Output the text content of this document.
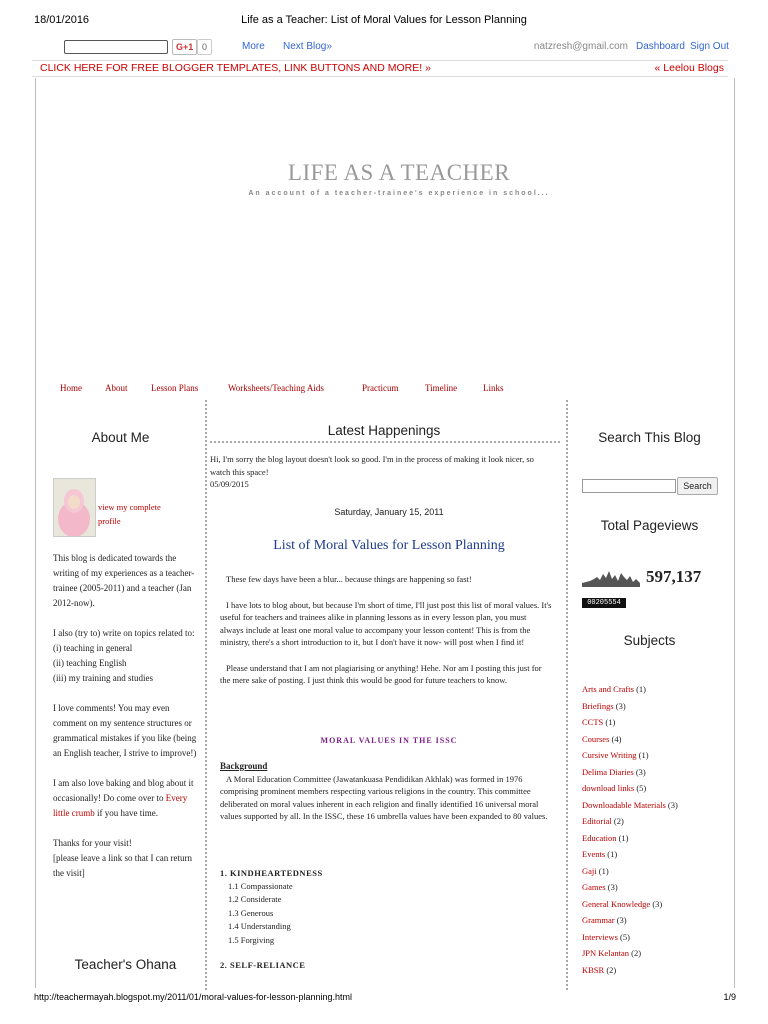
18/01/2016	Life as a Teacher: List of Moral Values for Lesson Planning
G+1 0	More Next Blog»	natzresh@gmail.com Dashboard Sign Out
CLICK HERE FOR FREE BLOGGER TEMPLATES, LINK BUTTONS AND MORE! »	« Leelou Blogs
LIFE AS A TEACHER
An account of a teacher-trainee's experience in school...
Home	About	Lesson Plans	Worksheets/Teaching Aids	Practicum	Timeline	Links
About Me
view my complete profile

This blog is dedicated towards the writing of my experiences as a teacher-trainee (2005-2011) and a teacher (Jan 2012-now).

I also (try to) write on topics related to:
(i) teaching in general
(ii) teaching English
(iii) my training and studies

I love comments! You may even comment on my sentence structures or grammatical mistakes if you like (being an English teacher, I strive to improve!)

I am also love baking and blog about it occasionally! Do come over to Every little crumb if you have time.

Thanks for your visit!
[please leave a link so that I can return the visit]

Teacher's Ohana
Latest Happenings
Hi, I'm sorry the blog layout doesn't look so good. I'm in the process of making it look nicer, so watch this space!
05/09/2015
Saturday, January 15, 2011
List of Moral Values for Lesson Planning
These few days have been a blur... because things are happening so fast!
I have lots to blog about, but because I'm short of time, I'll just post this list of moral values. It's useful for teachers and trainees alike in planning lessons as in every lesson plan, you must always include at least one moral value to accompany your lesson content! This is from the ministry, there's a short introduction to it, but I don't have it now- will post when I find it!
Please understand that I am not plagiarising or anything! Hehe. Nor am I posting this just for the mere sake of posting. I just think this would be good for future teachers to know.
MORAL VALUES IN THE ISSC
Background
A Moral Education Committee (Jawatankuasa Pendidikan Akhlak) was formed in 1976 comprising prominent members respecting various religions in the country. This committee deliberated on moral values inherent in each religion and finally identified 16 universal moral values supported by all. In the ISSC, these 16 umbrella values have been expanded to 80 values.
1. KINDHEARTEDNESS
1.1 Compassionate
1.2 Considerate
1.3 Generous
1.4 Understanding
1.5 Forgiving
2. SELF-RELIANCE
Search This Blog
Search
Total Pageviews
597,137
00205554
Subjects
Arts and Crafts (1)
Briefings (3)
CCTS (1)
Courses (4)
Cursive Writing (1)
Delima Diaries (3)
download links (5)
Downloadable Materials (3)
Editorial (2)
Education (1)
Events (1)
Gaji (1)
Games (3)
General Knowledge (3)
Grammar (3)
Interviews (5)
JPN Kelantan (2)
KBSR (2)
http://teachermayah.blogspot.my/2011/01/moral-values-for-lesson-planning.html	1/9
